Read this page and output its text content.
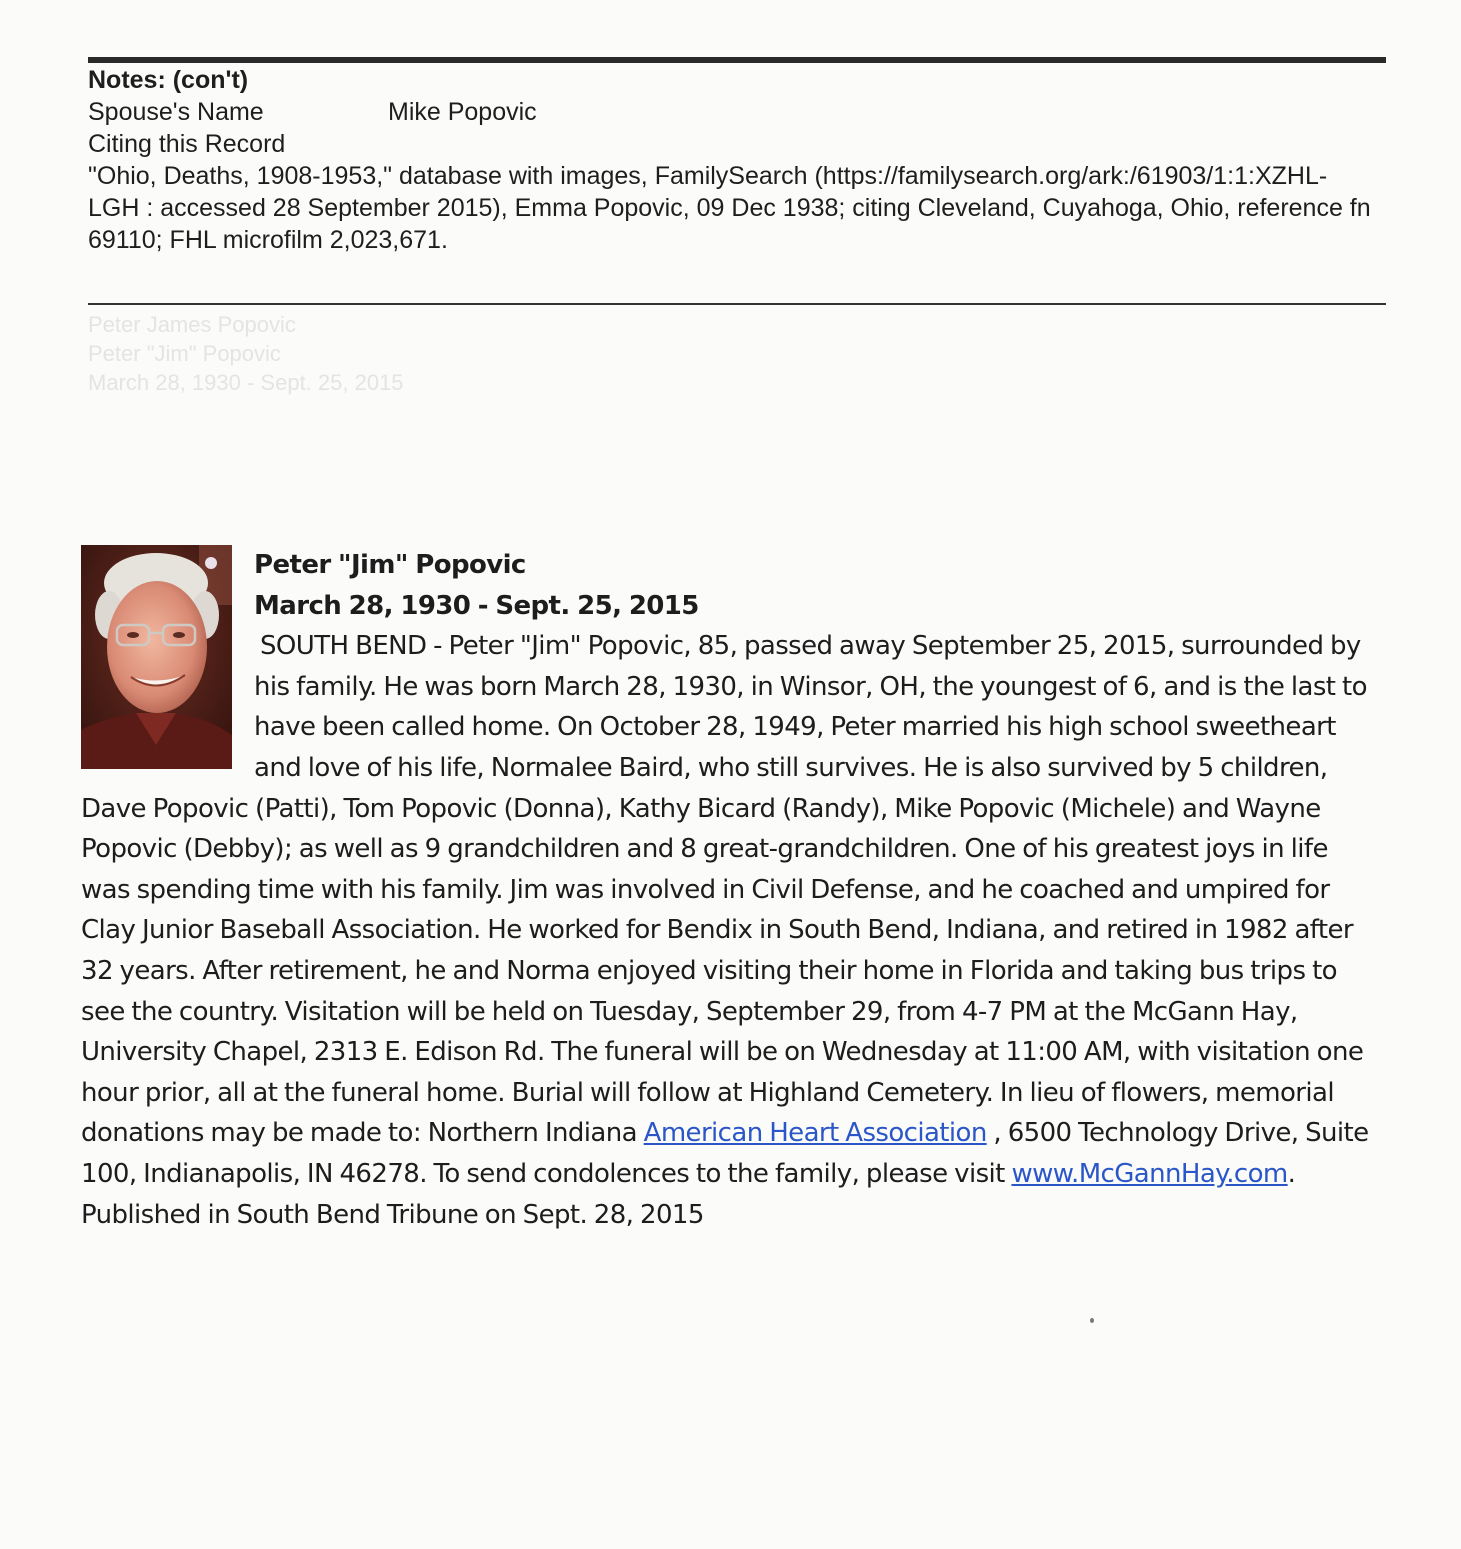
Notes: (con't)
Spouse's Name	Mike Popovic
Citing this Record
"Ohio, Deaths, 1908-1953," database with images, FamilySearch (https://familysearch.org/ark:/61903/1:1:XZHL-LGH : accessed 28 September 2015), Emma Popovic, 09 Dec 1938; citing Cleveland, Cuyahoga, Ohio, reference fn 69110; FHL microfilm 2,023,671.
Peter James Popovic
Peter "Jim" Popovic
March 28, 1930 - Sept. 25, 2015
Peter "Jim" Popovic
March 28, 1930 - Sept. 25, 2015
SOUTH BEND - Peter "Jim" Popovic, 85, passed away September 25, 2015, surrounded by his family. He was born March 28, 1930, in Winsor, OH, the youngest of 6, and is the last to have been called home. On October 28, 1949, Peter married his high school sweetheart and love of his life, Normalee Baird, who still survives. He is also survived by 5 children, Dave Popovic (Patti), Tom Popovic (Donna), Kathy Bicard (Randy), Mike Popovic (Michele) and Wayne Popovic (Debby); as well as 9 grandchildren and 8 great-grandchildren. One of his greatest joys in life was spending time with his family. Jim was involved in Civil Defense, and he coached and umpired for Clay Junior Baseball Association. He worked for Bendix in South Bend, Indiana, and retired in 1982 after 32 years. After retirement, he and Norma enjoyed visiting their home in Florida and taking bus trips to see the country. Visitation will be held on Tuesday, September 29, from 4-7 PM at the McGann Hay, University Chapel, 2313 E. Edison Rd. The funeral will be on Wednesday at 11:00 AM, with visitation one hour prior, all at the funeral home. Burial will follow at Highland Cemetery. In lieu of flowers, memorial donations may be made to: Northern Indiana American Heart Association , 6500 Technology Drive, Suite 100, Indianapolis, IN 46278. To send condolences to the family, please visit www.McGannHay.com. Published in South Bend Tribune on Sept. 28, 2015
